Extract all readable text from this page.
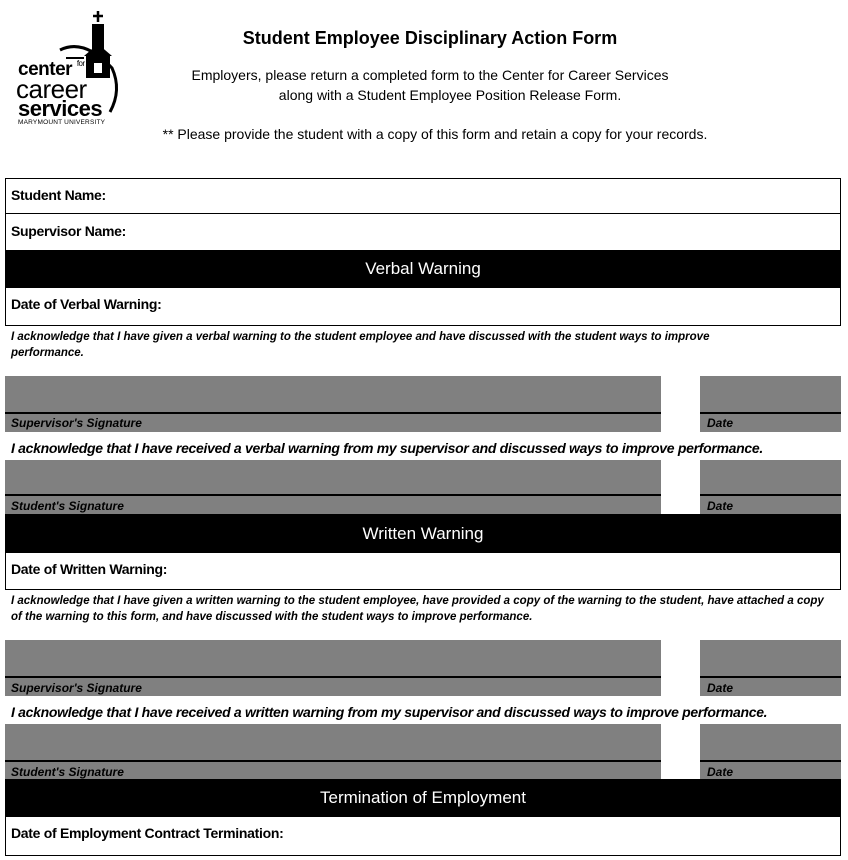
center $^{for}$
career
services
MARYMOUNT UNIVERSITY
Student Employee Disciplinary Action Form
Employers, please return a completed form to the Center for Career Services
along with a Student Employee Position Release Form.
** Please provide the student with a copy of this form and retain a copy for your records.
Student Name:
Supervisor Name:
Verbal Warning
Date of Verbal Warning:
I acknowledge that I have given a verbal warning to the student employee and have discussed with the student ways to improve performance.
Supervisor's Signature	Date
I acknowledge that I have received a verbal warning from my supervisor and discussed ways to improve performance.
Student's Signature	Date
Written Warning
Date of Written Warning:
I acknowledge that I have given a written warning to the student employee, have provided a copy of the warning to the student, have attached a copy of the warning to this form, and have discussed with the student ways to improve performance.
Supervisor's Signature	Date
I acknowledge that I have received a written warning from my supervisor and discussed ways to improve performance.
Student's Signature	Date
Termination of Employment
Date of Employment Contract Termination:
